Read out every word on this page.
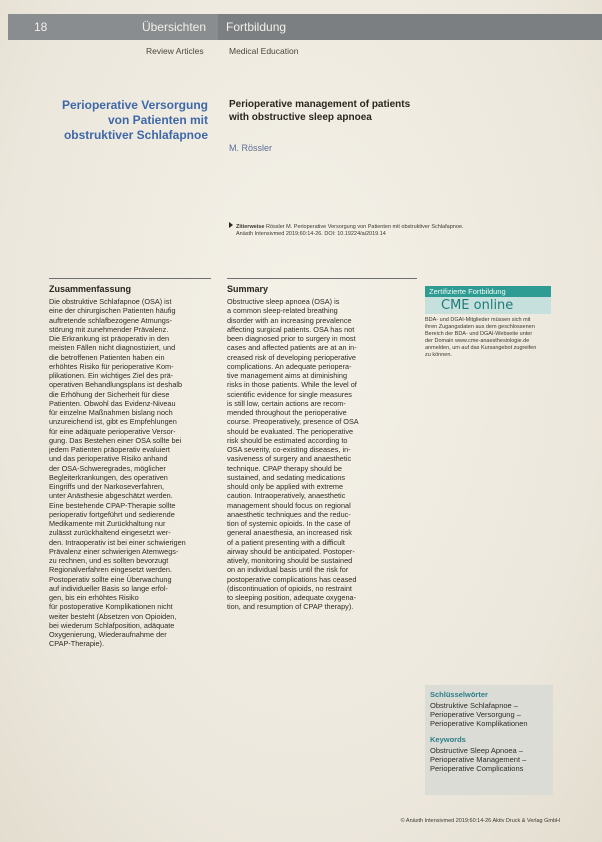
18	Übersichten Fortbildung
Review Articles	Medical Education
Perioperative Versorgung
von Patienten mit
obstruktiver Schlafapnoe
Perioperative management of patients
with obstructive sleep apnoea
M. Rössler
Zitierweise Rössler M. Perioperative Versorgung von Patienten mit obstruktiver Schlafapnoe.
Anästh Intensivmed 2019;60:14-26. DOI: 10.19224/ai2019.14
Zusammenfassung
Die obstruktive Schlafapnoe (OSA) ist
eine der chirurgischen Patienten häufig
auftretende schlafbezogene Atmungs-
störung mit zunehmender Prävalenz.
Die Erkrankung ist präoperativ in den
meisten Fällen nicht diagnostiziert, und
die betroffenen Patienten haben ein
erhöhtes Risiko für perioperative Kom-
plikationen. Ein wichtiges Ziel des prä-
operativen Behandlungsplans ist deshalb
die Erhöhung der Sicherheit für diese
Patienten. Obwohl das Evidenz-Niveau
für einzelne Maßnahmen bislang noch
unzureichend ist, gibt es Empfehlungen
für eine adäquate perioperative Versor-
gung. Das Bestehen einer OSA sollte bei
jedem Patienten präoperativ evaluiert
und das perioperative Risiko anhand
der OSA-Schweregrades, möglicher
Begleiterkrankungen, des operativen
Eingriffs und der Narkoseverfahren,
unter Anästhesie abgeschätzt werden.
Eine bestehende CPAP-Therapie sollte
perioperativ fortgeführt und sedierende
Medikamente mit Zurückhaltung nur
zulässt zurückhaltend eingesetzt wer-
den. Intraoperativ ist bei einer schwierigen
Prävalenz einer schwierigen Atemwegs-
zu rechnen, und es sollten bevorzugt
Regionalverfahren eingesetzt werden.
Postoperativ sollte eine Überwachung
auf individueller Basis so lange erfol-
gen, bis ein erhöhtes Risiko
für postoperative Komplikationen nicht
weiter besteht (Absetzen von Opioiden,
bei wiederum Schlafposition, adäquate
Oxygenierung, Wiederaufnahme der
CPAP-Therapie).
Summary
Obstructive sleep apnoea (OSA) is
a common sleep-related breathing
disorder with an increasing prevalence
affecting surgical patients. OSA has not
been diagnosed prior to surgery in most
cases and affected patients are at an in-
creased risk of developing perioperative
complications. An adequate periopera-
tive management aims at diminishing
risks in those patients. While the level of
scientific evidence for single measures
is still low, certain actions are recom-
mended throughout the perioperative
course. Preoperatively, presence of OSA
should be evaluated. The perioperative
risk should be estimated according to
OSA severity, co-existing diseases, in-
vasiveness of surgery and anaesthetic
technique. CPAP therapy should be
sustained, and sedating medications
should only be applied with extreme
caution. Intraoperatively, anaesthetic
management should focus on regional
anaesthetic techniques and the reduc-
tion of systemic opioids. In the case of
general anaesthesia, an increased risk
of a patient presenting with a difficult
airway should be anticipated. Postoper-
atively, monitoring should be sustained
on an individual basis until the risk for
postoperative complications has ceased
(discontinuation of opioids, no restraint
to sleeping position, adequate oxygena-
tion, and resumption of CPAP therapy).
Zertifizierte Fortbildung
CME online
BDA- und DGAI-Mitglieder müssen sich mit
ihren Zugangsdaten aus dem geschlossenen
Bereich der BDA- und DGAI-Webseite unter
der Domain www.cme-anaesthesiologie.de
anmelden, um auf das Kursangebot zugreifen
zu können.
Schlüsselwörter
Obstruktive Schlafapnoe –
Perioperative Versorgung –
Perioperative Komplikationen
Keywords
Obstructive Sleep Apnoea –
Perioperative Management –
Perioperative Complications
© Anästh Intensivmed 2019;60:14-26 Aktiv Druck & Verlag GmbH
